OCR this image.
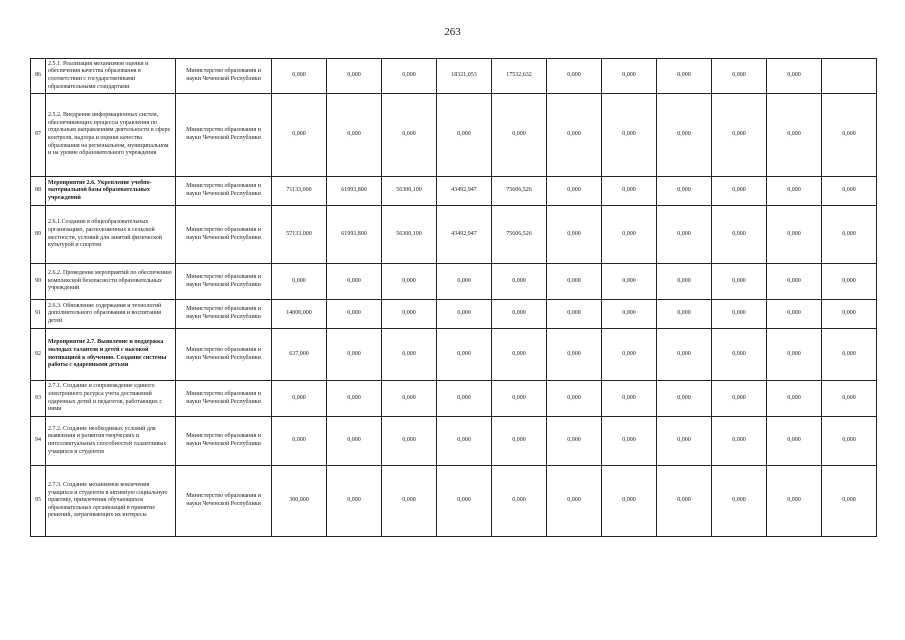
263
86	2.5.1. Реализация механизмов оценки и обеспечения качества образования в соответствии с государственными образовательными стандартами	Министерство образования и науки Чеченской Республики	0,000	0,000	0,000	18321,053	17532,632	0,000	0,000	0,000	0,000	0,000	
87	2.5.2. Внедрение информационных систем, обеспечивающих процессы управления по отдельным направлениям деятельности в сфере контроля, надзора и оценки качества образования на региональном, муниципальном и на уровне образовательного учреждения	Министерство образования и науки Чеченской Республики	0,000	0,000	0,000	0,000	0,000	0,000	0,000	0,000	0,000	0,000	0,000
88	Мероприятие 2.6. Укрепление учебно-материальной базы образовательных учреждений	Министерство образования и науки Чеченской Республики	71133,000	61993,800	56300,100	43492,947	75606,526	0,000	0,000	0,000	0,000	0,000	0,000
89	2.6.1.Создание в общеобразовательных организациях, расположенных в сельской местности, условий для занятий физической культурой и спортом	Министерство образования и науки Чеченской Республики	57133,000	61993,800	56300,100	43492,947	75606,526	0,000	0,000	0,000	0,000	0,000	0,000
90	2.6.2. Проведение мероприятий по обеспечению комплексной безопасности образовательных учреждений	Министерство образования и науки Чеченской Республики	0,000	0,000	0,000	0,000	0,000	0,000	0,000	0,000	0,000	0,000	0,000
91	2.6.3. Обновление содержания и технологий дополнительного образования и воспитания детей	Министерство образования и науки Чеченской Республики	14000,000	0,000	0,000	0,000	0,000	0,000	0,000	0,000	0,000	0,000	0,000
92	Мероприятие 2.7. Выявление и поддержка молодых талантов и детей с высокой мотивацией к обучению. Создание системы работы с одаренными детьми	Министерство образования и науки Чеченской Республики	637,000	0,000	0,000	0,000	0,000	0,000	0,000	0,000	0,000	0,000	0,000
93	2.7.1. Создание и сопровождение единого электронного ресурса учета достижений одаренных детей и педагогов, работающих с ними	Министерство образования и науки Чеченской Республики	0,000	0,000	0,000	0,000	0,000	0,000	0,000	0,000	0,000	0,000	0,000
94	2.7.2. Создание необходимых условий для выявления и развития творческих и интеллектуальных способностей талантливых учащихся и студентов	Министерство образования и науки Чеченской Республики	0,000	0,000	0,000	0,000	0,000	0,000	0,000	0,000	0,000	0,000	0,000
95	2.7.3. Создание механизмов вовлечения учащихся и студентов в активную социальную практику, привлечения обучающихся образовательных организаций в принятие решений, затрагивающих их интересы	Министерство образования и науки Чеченской Республики	300,000	0,000	0,000	0,000	0,000	0,000	0,000	0,000	0,000	0,000	0,000
